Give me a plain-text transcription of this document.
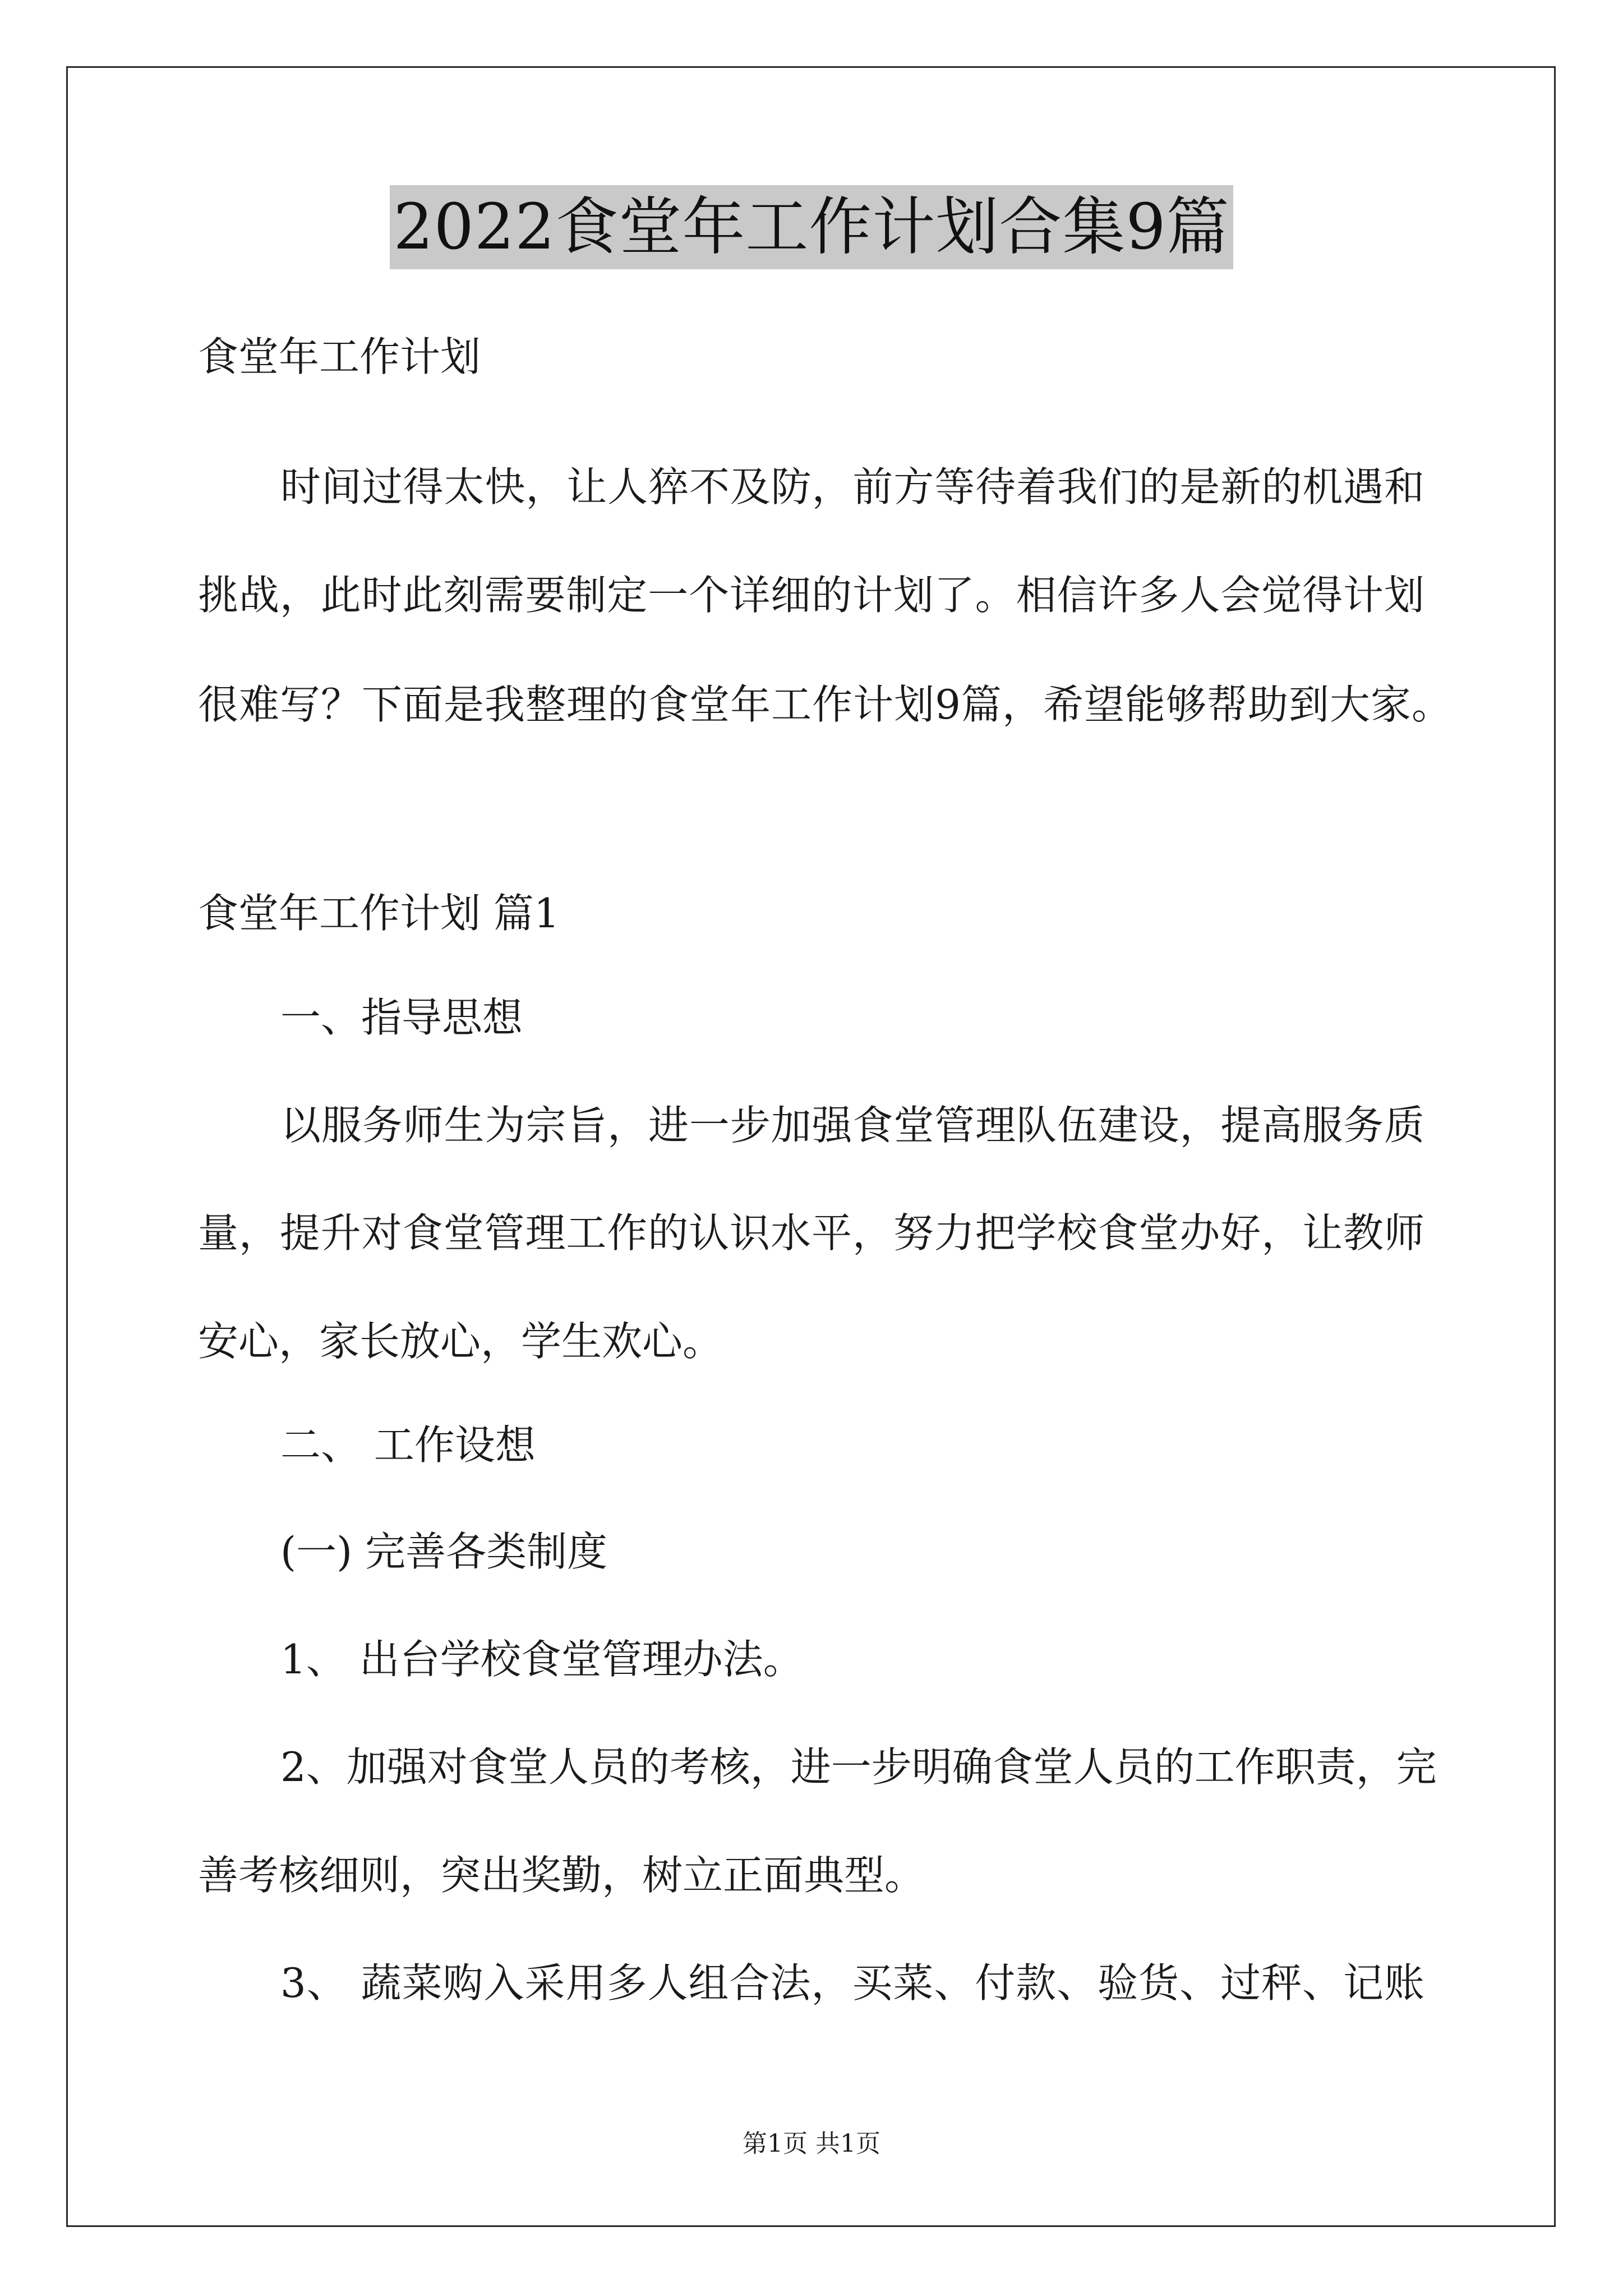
2022食堂年工作计划合集9篇
食堂年工作计划
时间过得太快，让人猝不及防，前方等待着我们的是新的机遇和
挑战，此时此刻需要制定一个详细的计划了。相信许多人会觉得计划
很难写？下面是我整理的食堂年工作计划9篇，希望能够帮助到大家。
食堂年工作计划 篇1
一、指导思想
以服务师生为宗旨，进一步加强食堂管理队伍建设，提高服务质
量，提升对食堂管理工作的认识水平，努力把学校食堂办好，让教师
安心，家长放心，学生欢心。
二、 工作设想
(一) 完善各类制度
1、 出台学校食堂管理办法。
2、加强对食堂人员的考核，进一步明确食堂人员的工作职责，完
善考核细则，突出奖勤，树立正面典型。
3、 蔬菜购入采用多人组合法，买菜、付款、验货、过秤、记账
第1页 共1页
